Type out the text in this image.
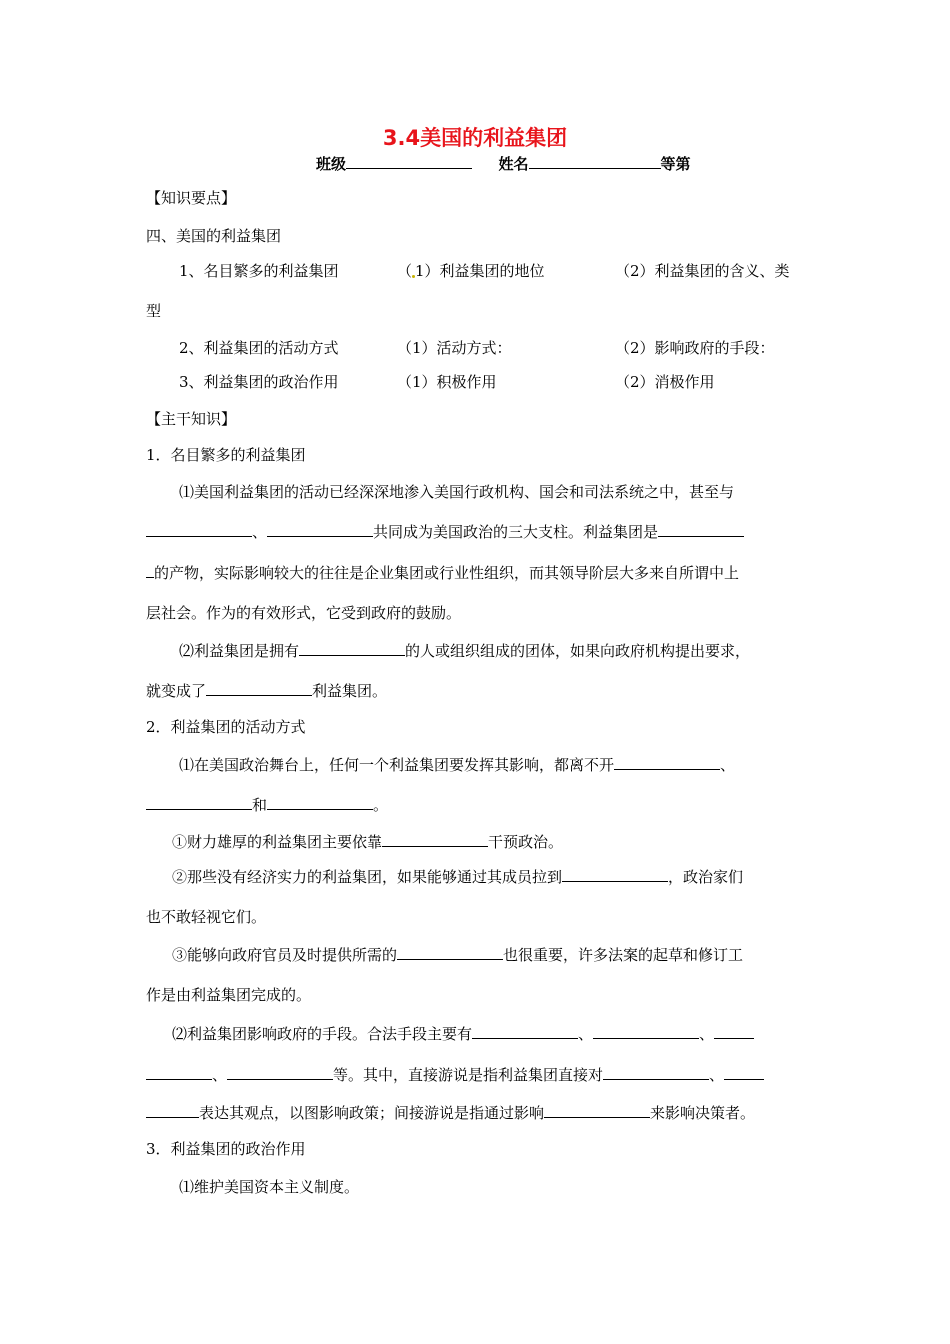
3.4美国的利益集团
班级	姓名	等第
【知识要点】
四、美国的利益集团
1、名目繁多的利益集团	（ 1）利益集团的地位	（2）利益集团的含义、类
型
2、利益集团的活动方式	（1）活动方式：	（2）影响政府的手段：
3、利益集团的政治作用	（1）积极作用	（2）消极作用
【主干知识】
1．名目繁多的利益集团
⑴美国利益集团的活动已经深深地渗入美国行政机构、国会和司法系统之中，甚至与
、	共同成为美国政治的三大支柱。利益集团是
的产物，实际影响较大的往往是企业集团或行业性组织，而其领导阶层大多来自所谓中上
层社会。作为的有效形式，它受到政府的鼓励。
⑵利益集团是拥有	的人或组织组成的团体，如果向政府机构提出要求，
就变成了	利益集团。
2．利益集团的活动方式
⑴在美国政治舞台上，任何一个利益集团要发挥其影响，都离不开	、
和	。
①财力雄厚的利益集团主要依靠	干预政治。
②那些没有经济实力的利益集团，如果能够通过其成员拉到	，政治家们
也不敢轻视它们。
③能够向政府官员及时提供所需的	也很重要，许多法案的起草和修订工
作是由利益集团完成的。
⑵利益集团影响政府的手段。合法手段主要有	、	、
、	等。其中，直接游说是指利益集团直接对	、
表达其观点，以图影响政策；间接游说是指通过影响	来影响决策者。
3．利益集团的政治作用
⑴维护美国资本主义制度。
